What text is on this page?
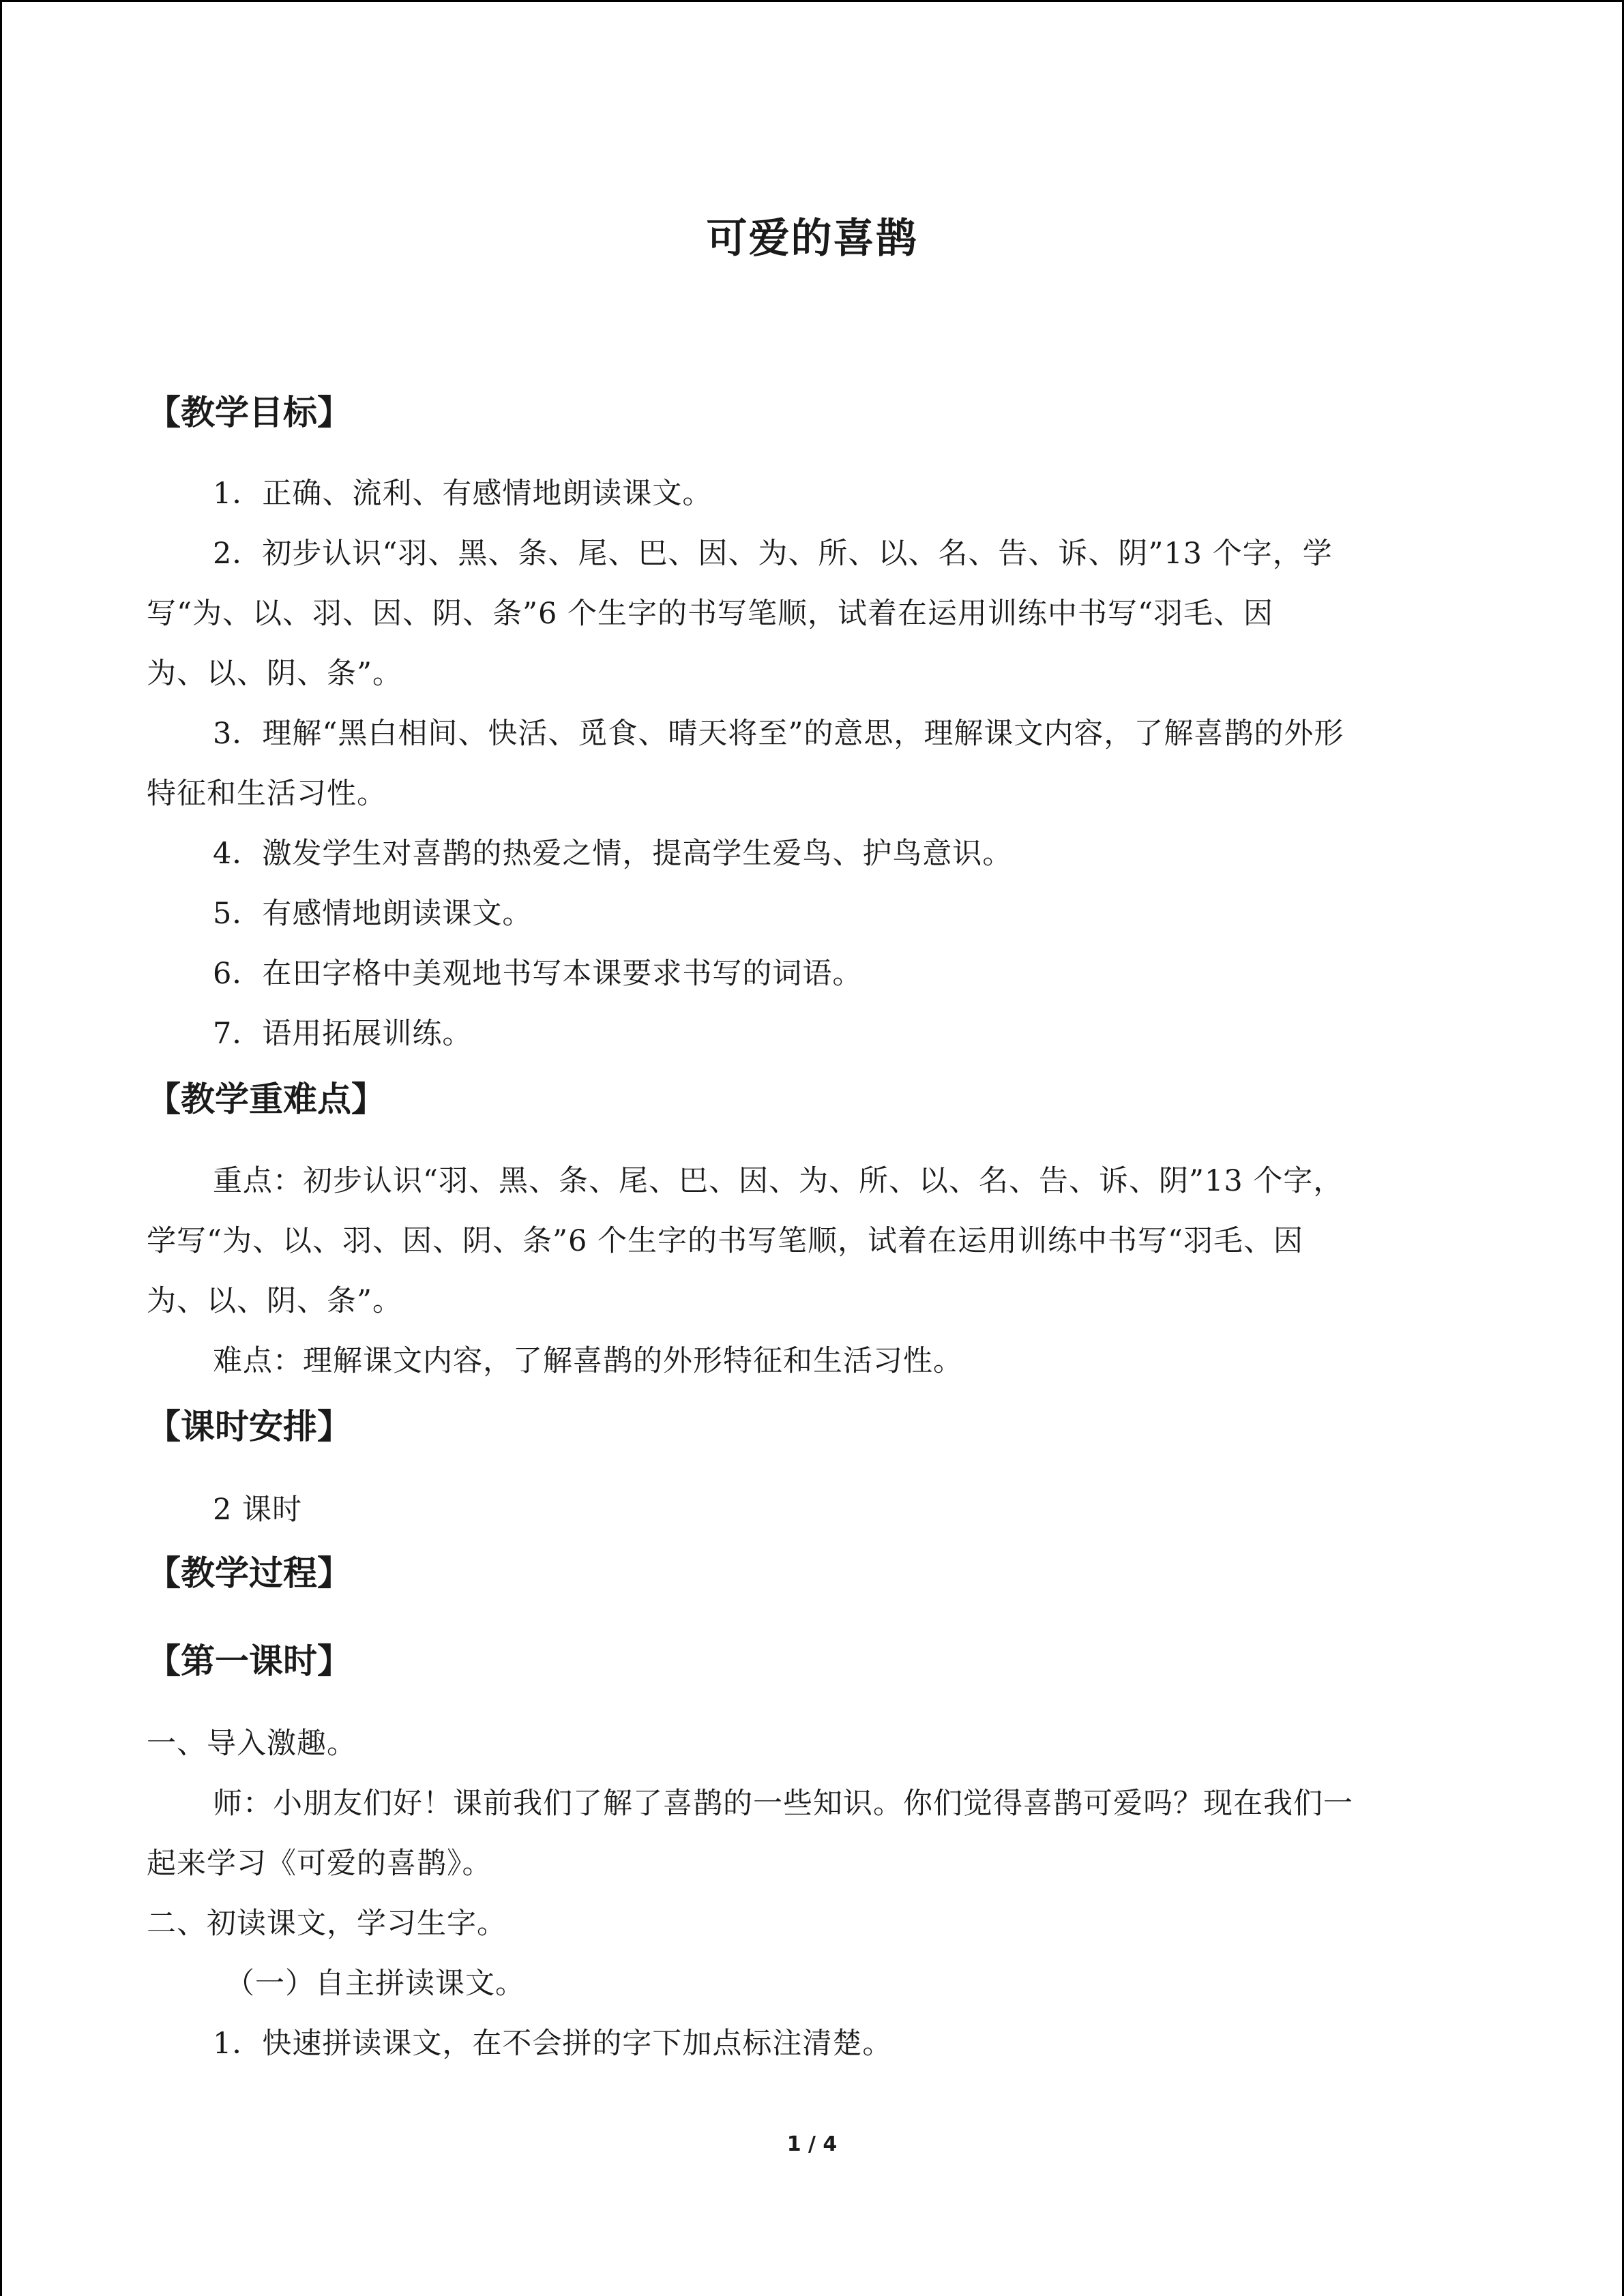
可爱的喜鹊
【教学目标】
1．正确、流利、有感情地朗读课文。
2．初步认识“羽、黑、条、尾、巴、因、为、所、以、名、告、诉、阴”13 个字，学
写“为、以、羽、因、阴、条”6 个生字的书写笔顺，试着在运用训练中书写“羽毛、因
为、以、阴、条”。
3．理解“黑白相间、快活、觅食、晴天将至”的意思，理解课文内容，了解喜鹊的外形
特征和生活习性。
4．激发学生对喜鹊的热爱之情，提高学生爱鸟、护鸟意识。
5．有感情地朗读课文。
6．在田字格中美观地书写本课要求书写的词语。
7．语用拓展训练。
【教学重难点】
重点：初步认识“羽、黑、条、尾、巴、因、为、所、以、名、告、诉、阴”13 个字，
学写“为、以、羽、因、阴、条”6 个生字的书写笔顺，试着在运用训练中书写“羽毛、因
为、以、阴、条”。
难点：理解课文内容，了解喜鹊的外形特征和生活习性。
【课时安排】
2 课时
【教学过程】
【第一课时】
一、导入激趣。
师：小朋友们好！课前我们了解了喜鹊的一些知识。你们觉得喜鹊可爱吗？现在我们一
起来学习《可爱的喜鹊》。
二、初读课文，学习生字。
（一）自主拼读课文。
1．快速拼读课文，在不会拼的字下加点标注清楚。
1 / 4
